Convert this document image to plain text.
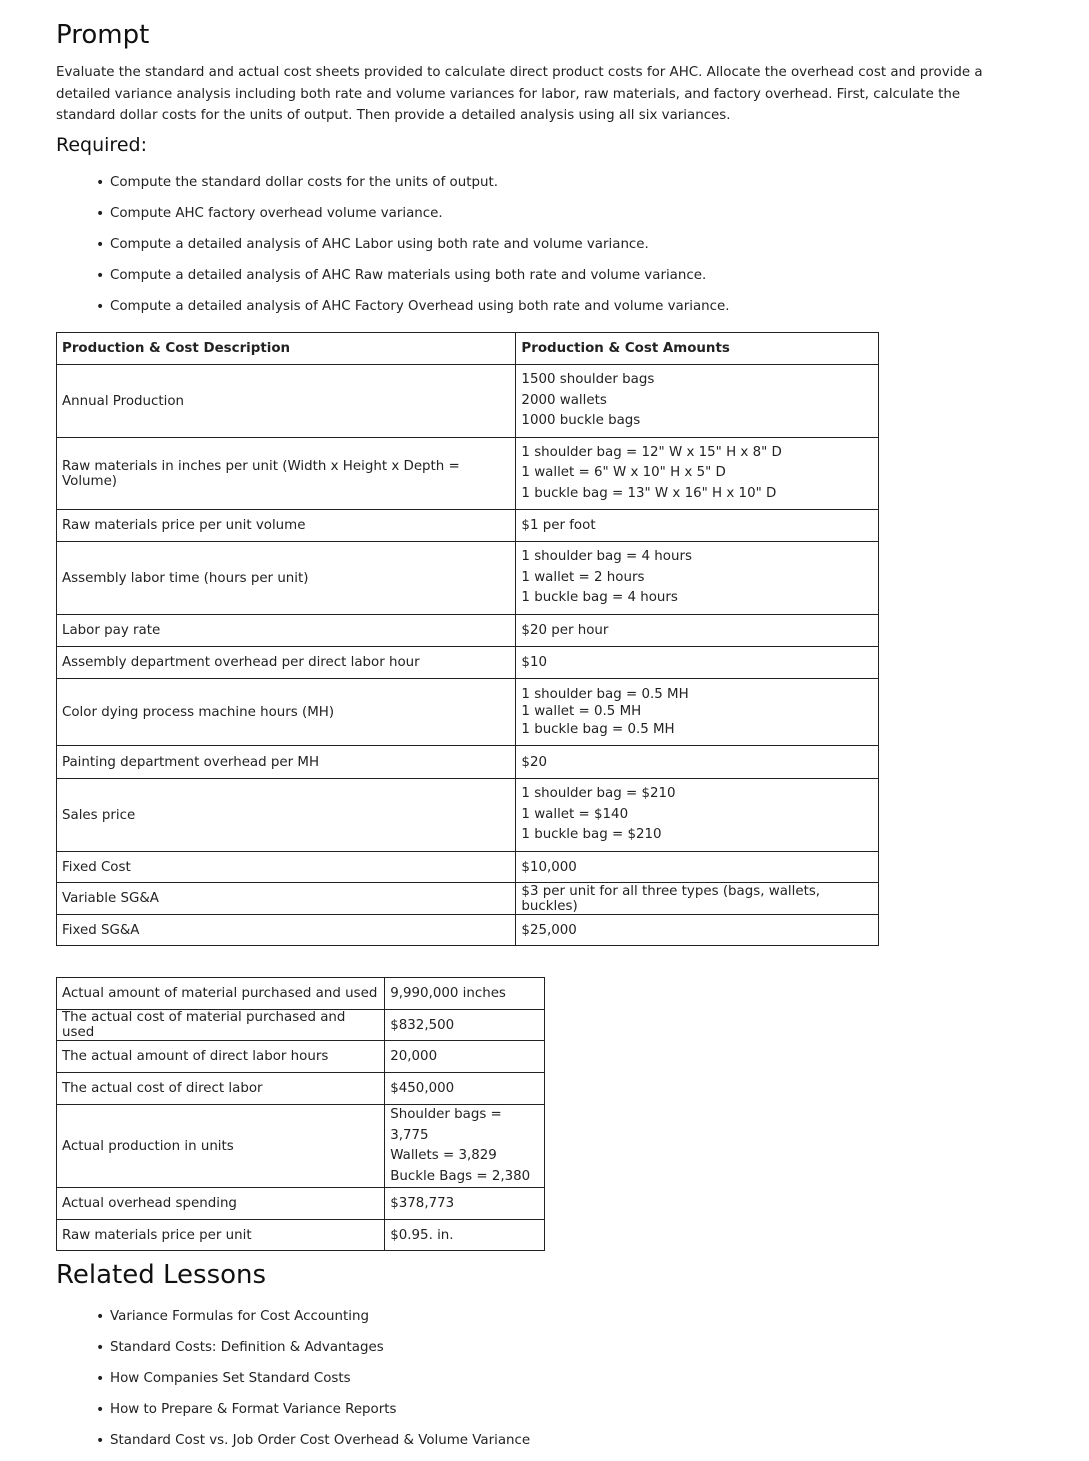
Prompt

Evaluate the standard and actual cost sheets provided to calculate direct product costs for AHC. Allocate the overhead cost and provide a detailed variance analysis including both rate and volume variances for labor, raw materials, and factory overhead. First, calculate the standard dollar costs for the units of output. Then provide a detailed analysis using all six variances.

Required:
• Compute the standard dollar costs for the units of output.
• Compute AHC factory overhead volume variance.
• Compute a detailed analysis of AHC Labor using both rate and volume variance.
• Compute a detailed analysis of AHC Raw materials using both rate and volume variance.
• Compute a detailed analysis of AHC Factory Overhead using both rate and volume variance.
Production & Cost Description	Production & Cost Amounts
Annual Production	1500 shoulder bags
2000 wallets
1000 buckle bags

Raw materials in inches per unit (Width x Height x Depth = Volume)	1 shoulder bag = 12" W x 15" H x 8" D
1 wallet = 6" W x 10" H x 5" D
1 buckle bag = 13" W x 16" H x 10" D

Raw materials price per unit volume	$1 per foot
Assembly labor time (hours per unit)	1 shoulder bag = 4 hours
1 wallet = 2 hours
1 buckle bag = 4 hours

Labor pay rate	$20 per hour
Assembly department overhead per direct labor hour	$10
Color dying process machine hours (MH)	1 shoulder bag = 0.5 MH
1 wallet = 0.5 MH
1 buckle bag = 0.5 MH

Painting department overhead per MH	$20
Sales price	1 shoulder bag = $210
1 wallet = $140
1 buckle bag = $210

Fixed Cost	$10,000
Variable SG&A	$3 per unit for all three types (bags, wallets, buckles)
Fixed SG&A	$25,000
Actual amount of material purchased and used	9,990,000 inches
The actual cost of material purchased and used	$832,500
The actual amount of direct labor hours	20,000
The actual cost of direct labor	$450,000
Actual production in units	Shoulder bags = 3,775
Wallets = 3,829
Buckle Bags = 2,380

Actual overhead spending	$378,773
Raw materials price per unit	$0.95. in.
Related Lessons
• Variance Formulas for Cost Accounting
• Standard Costs: Definition & Advantages
• How Companies Set Standard Costs
• How to Prepare & Format Variance Reports
• Standard Cost vs. Job Order Cost Overhead & Volume Variance
